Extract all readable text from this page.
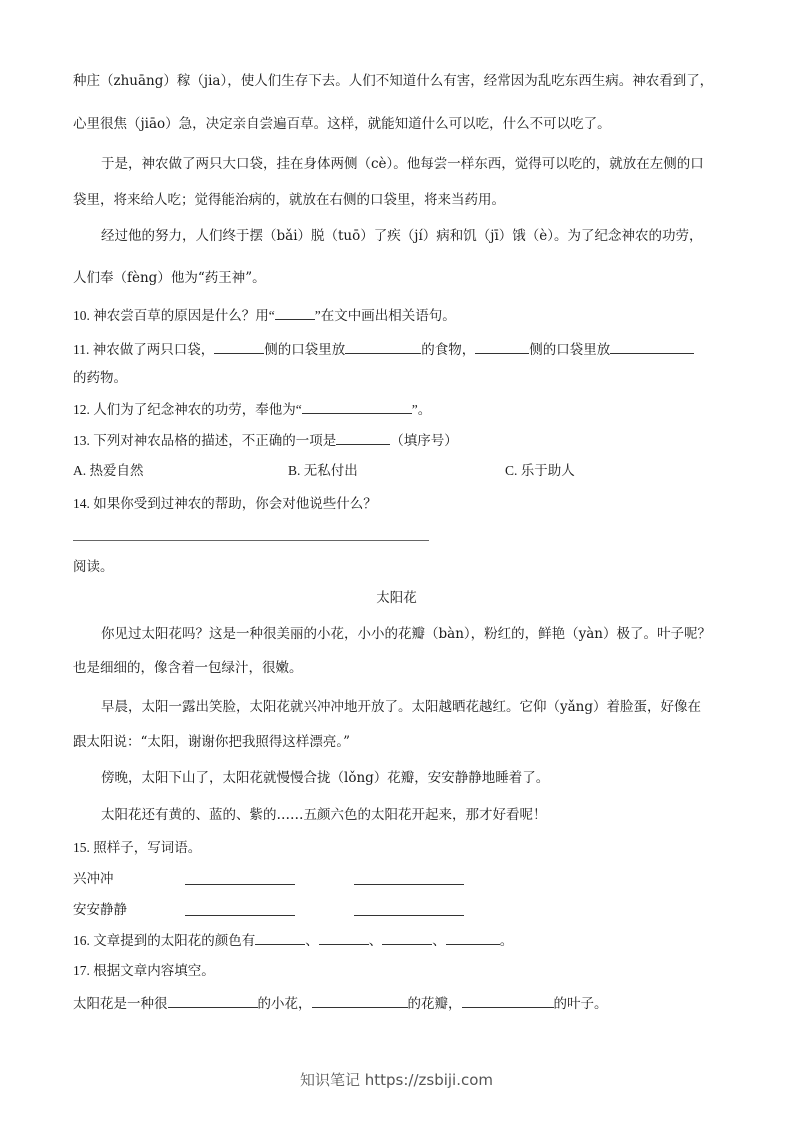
种庄（zhuāng）稼（jia），使人们生存下去。人们不知道什么有害，经常因为乱吃东西生病。神农看到了，
心里很焦（jiāo）急，决定亲自尝遍百草。这样，就能知道什么可以吃，什么不可以吃了。
于是，神农做了两只大口袋，挂在身体两侧（cè）。他每尝一样东西，觉得可以吃的，就放在左侧的口
袋里，将来给人吃；觉得能治病的，就放在右侧的口袋里，将来当药用。
经过他的努力，人们终于摆（bǎi）脱（tuō）了疾（jí）病和饥（jī）饿（è）。为了纪念神农的功劳，
人们奉（fèng）他为“药王神”。
10. 神农尝百草的原因是什么？用“	”在文中画出相关语句。
11. 神农做了两只口袋，	侧的口袋里放	的食物，	侧的口袋里放
的药物。
12. 人们为了纪念神农的功劳，奉他为“	”。
13. 下列对神农品格的描述，不正确的一项是	（填序号）
A. 热爱自然	B. 无私付出	C. 乐于助人
14. 如果你受到过神农的帮助，你会对他说些什么？
阅读。
太阳花
你见过太阳花吗？这是一种很美丽的小花，小小的花瓣（bàn），粉红的，鲜艳（yàn）极了。叶子呢？
也是细细的，像含着一包绿汁，很嫩。
早晨，太阳一露出笑脸，太阳花就兴冲冲地开放了。太阳越晒花越红。它仰（yǎng）着脸蛋，好像在
跟太阳说：“太阳，谢谢你把我照得这样漂亮。”
傍晚，太阳下山了，太阳花就慢慢合拢（lǒng）花瓣，安安静静地睡着了。
太阳花还有黄的、蓝的、紫的……五颜六色的太阳花开起来，那才好看呢！
15. 照样子，写词语。
兴冲冲
安安静静
16. 文章提到的太阳花的颜色有	、	、	、	。
17. 根据文章内容填空。
太阳花是一种很	的小花，	的花瓣，	的叶子。
知识笔记 https://zsbiji.com
